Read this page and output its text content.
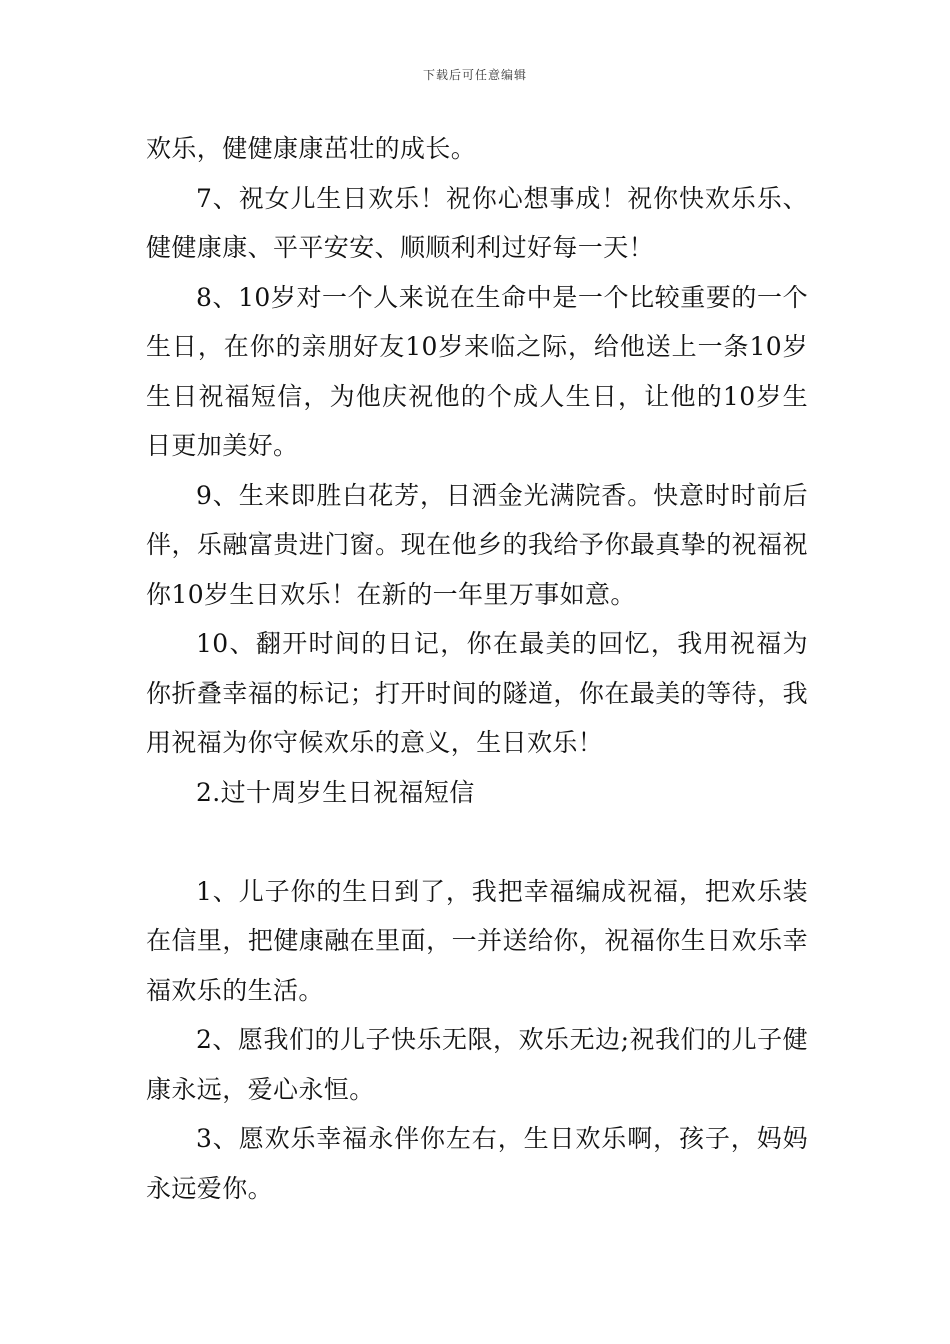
下载后可任意编辑

欢乐，健健康康茁壮的成长。

7、祝女儿生日欢乐！祝你心想事成！祝你快欢乐乐、健健康康、平平安安、顺顺利利过好每一天！

8、10岁对一个人来说在生命中是一个比较重要的一个生日，在你的亲朋好友10岁来临之际，给他送上一条10岁生日祝福短信，为他庆祝他的个成人生日，让他的10岁生日更加美好。

9、生来即胜白花芳，日洒金光满院香。快意时时前后伴，乐融富贵进门窗。现在他乡的我给予你最真挚的祝福祝你10岁生日欢乐！在新的一年里万事如意。

10、翻开时间的日记，你在最美的回忆，我用祝福为你折叠幸福的标记；打开时间的隧道，你在最美的等待，我用祝福为你守候欢乐的意义，生日欢乐！

2.过十周岁生日祝福短信

1、儿子你的生日到了，我把幸福编成祝福，把欢乐装在信里，把健康融在里面，一并送给你，祝福你生日欢乐幸福欢乐的生活。

2、愿我们的儿子快乐无限，欢乐无边;祝我们的儿子健康永远，爱心永恒。

3、愿欢乐幸福永伴你左右，生日欢乐啊，孩子，妈妈永远爱你。
